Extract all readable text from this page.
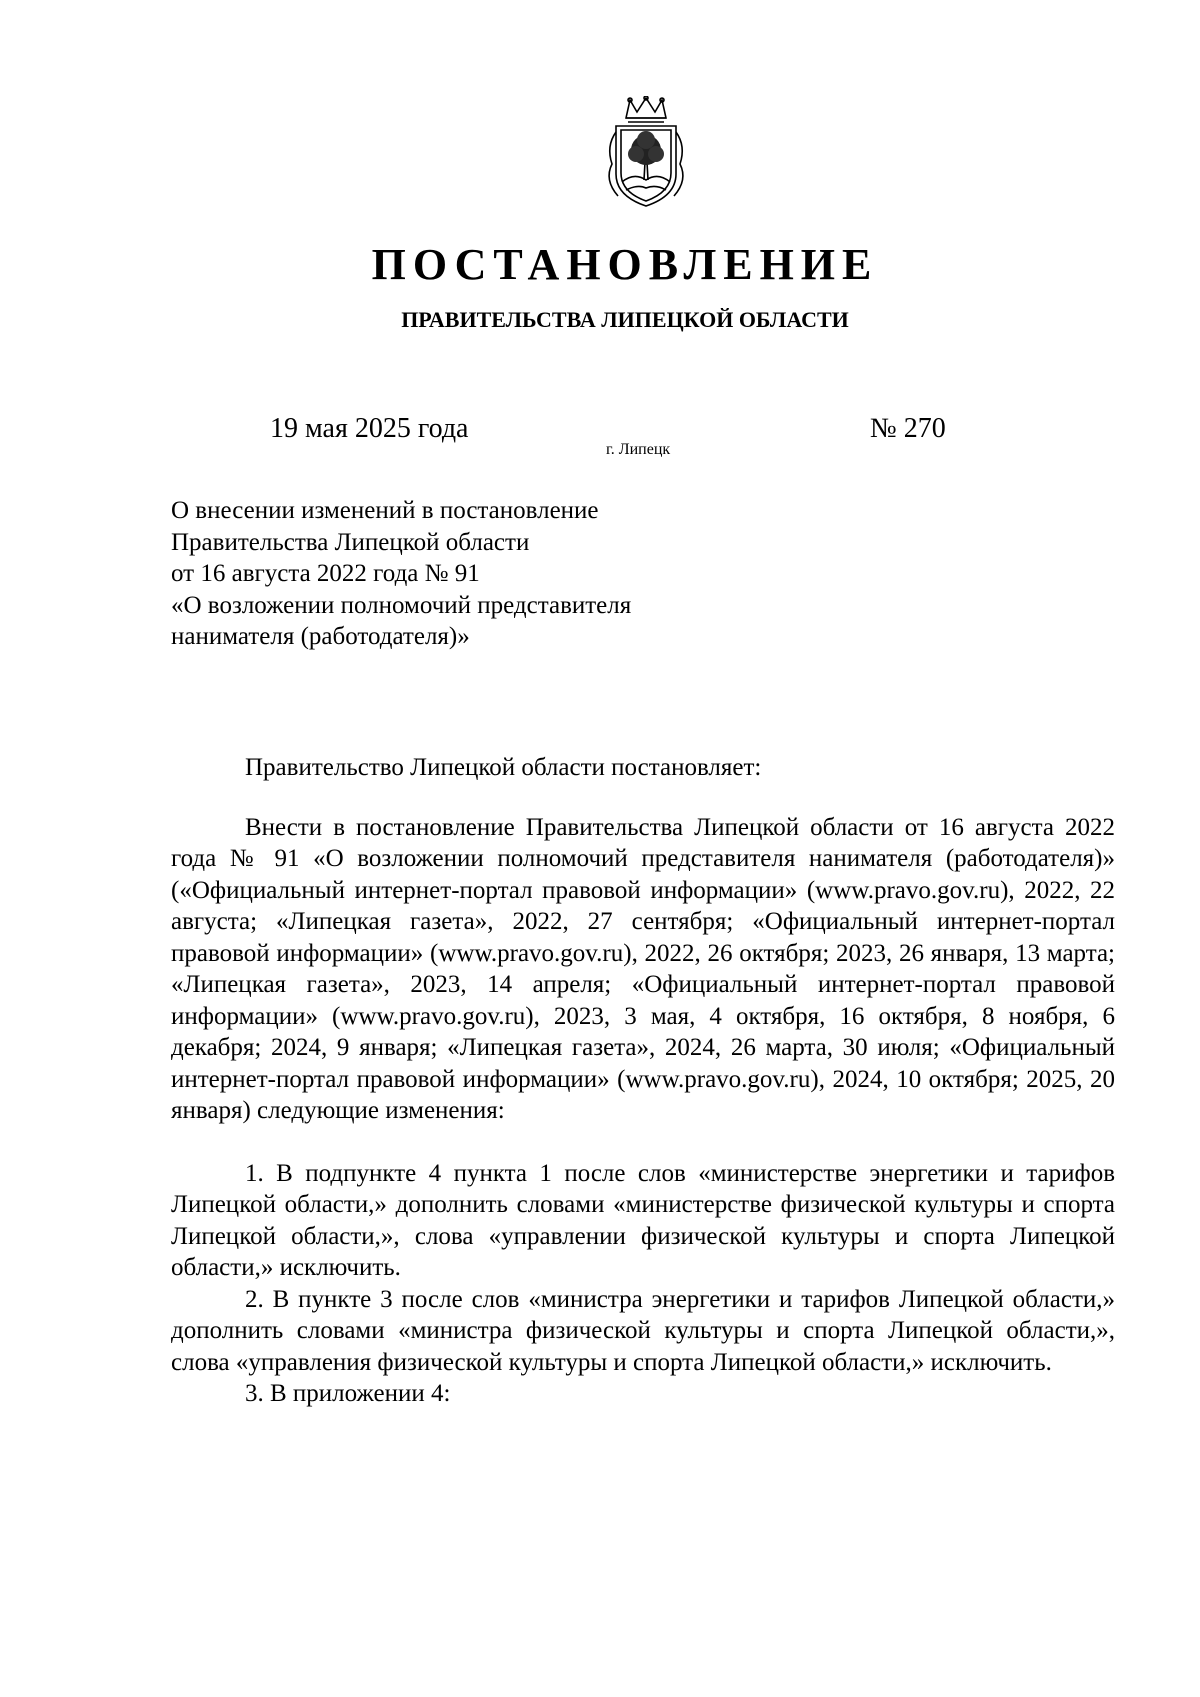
ПОСТАНОВЛЕНИЕ
ПРАВИТЕЛЬСТВА ЛИПЕЦКОЙ ОБЛАСТИ
19 мая 2025 года
г. Липецк
№ 270
О внесении изменений в постановление
Правительства Липецкой области
от 16 августа 2022 года № 91
«О возложении полномочий представителя
нанимателя (работодателя)»

Правительство Липецкой области постановляет:

Внести в постановление Правительства Липецкой области от 16 августа 2022 года № 91 «О возложении полномочий представителя нанимателя (работодателя)» («Официальный интернет-портал правовой информации» (www.pravo.gov.ru), 2022, 22 августа; «Липецкая газета», 2022, 27 сентября; «Официальный интернет-портал правовой информации» (www.pravo.gov.ru), 2022, 26 октября; 2023, 26 января, 13 марта; «Липецкая газета», 2023, 14 апреля; «Официальный интернет-портал правовой информации» (www.pravo.gov.ru), 2023, 3 мая, 4 октября, 16 октября, 8 ноября, 6 декабря; 2024, 9 января; «Липецкая газета», 2024, 26 марта, 30 июля; «Официальный интернет-портал правовой информации» (www.pravo.gov.ru), 2024, 10 октября; 2025, 20 января) следующие изменения:

1. В подпункте 4 пункта 1 после слов «министерстве энергетики и тарифов Липецкой области,» дополнить словами «министерстве физической культуры и спорта Липецкой области,», слова «управлении физической культуры и спорта Липецкой области,» исключить.

2. В пункте 3 после слов «министра энергетики и тарифов Липецкой области,» дополнить словами «министра физической культуры и спорта Липецкой области,», слова «управления физической культуры и спорта Липецкой области,» исключить.

3. В приложении 4:
